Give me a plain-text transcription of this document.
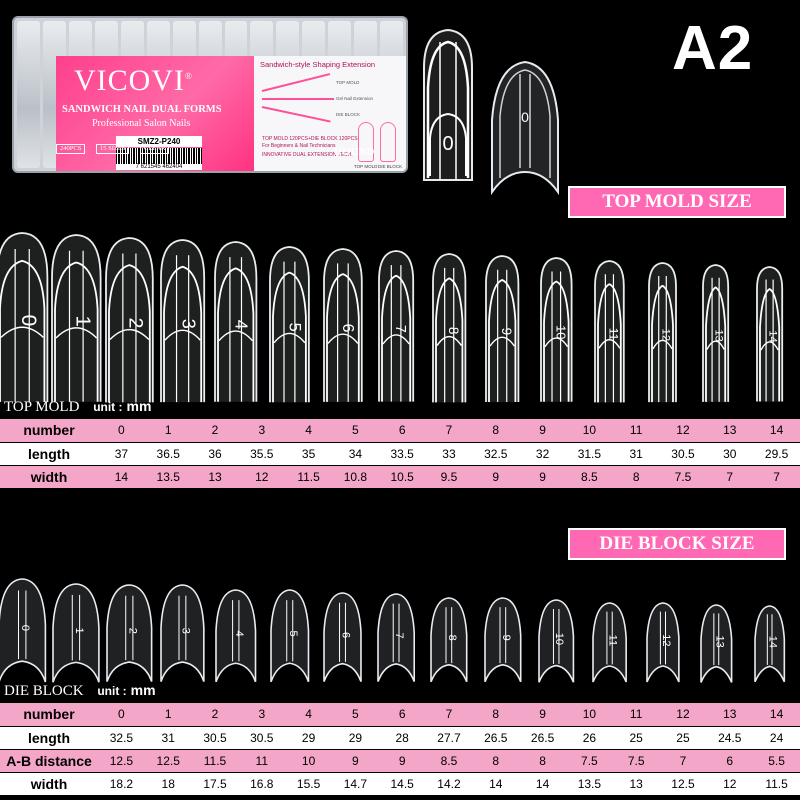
VICOVI®
SANDWICH NAIL DUAL FORMS
Professional Salon Nails
SMZ2-P240
7 621545 462404
Sandwich-style Shaping Extension
TOP MOLD
Gel Nail Extension
DIE BLOCK
TOP MOLD DIE BLOCK
TOP MOLD 120PCS+DIE BLOCK 120PCS
For Beginners & Nail Technicians
INNOVATIVE DUAL EXTENSION TECH.
ROUND	0
0
A2
TOP MOLD SIZE
0 1 2 3 4 5 6	7	8	9	10	11	12	13	14
TOP MOLD unit : mm
number	0	1	2	3	4	5	6	7	8	9	10	11	12	13	14
length	37	36.5	36	35.5	35	34	33.5	33	32.5	32	31.5	31	30.5	30	29.5
width	14	13.5	13	12	11.5	10.8	10.5	9.5	9	9	8.5	8	7.5	7	7
DIE BLOCK SIZE
0	1	2	3	4	5	6	7	8	9	10	11	12	13	14
DIE BLOCK unit : mm
number	0	1	2	3	4	5	6	7	8	9	10	11	12	13	14
length	32.5	31	30.5	30.5	29	29	28	27.7	26.5	26.5	26	25	25	24.5	24
A-B distance	12.5	12.5	11.5	11	10	9	9	8.5	8	8	7.5	7.5	7	6	5.5
width	18.2	18	17.5	16.8	15.5	14.7	14.5	14.2	14	14	13.5	13	12.5	12	11.5
240PCS	15 SIZES	CLEAR
